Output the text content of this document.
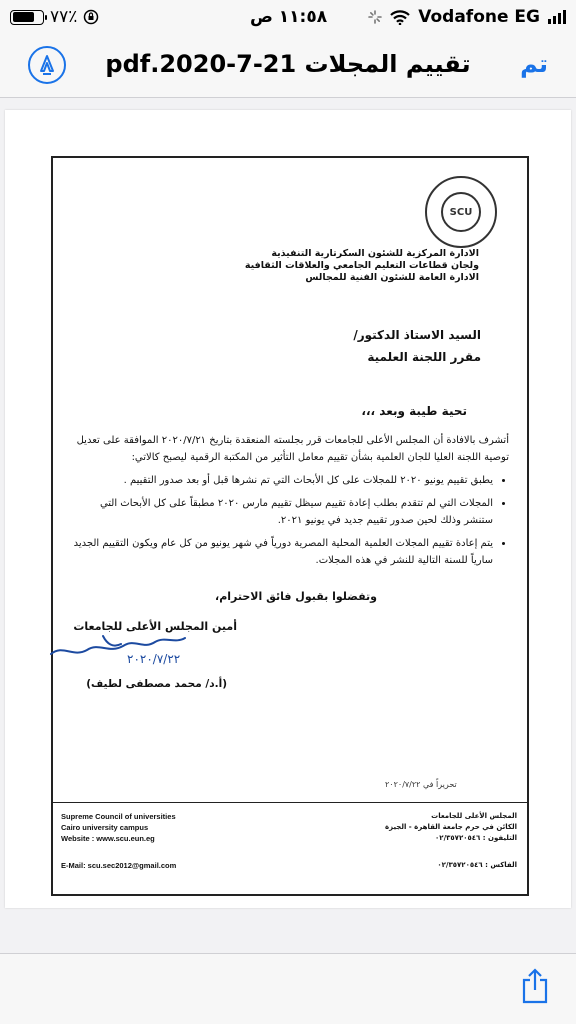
٧٧٪	١١:٥٨ ص	Vodafone EG
تقييم المجلات 21-7-2020.pdf تم
SCU
الادارة المركزية للشئون السكرتارية التنفيذية
ولجان قطاعات التعليم الجامعي والعلاقات الثقافية
الادارة العامة للشئون الفنية للمجالس
السيد الاستاذ الدكتور/
مقرر اللجنة العلمية
تحية طيبة وبعد ،،،
أتشرف بالافادة أن المجلس الأعلى للجامعات قرر بجلسته المنعقدة بتاريخ ٢٠٢٠/٧/٢١ الموافقة على تعديل توصية اللجنة العليا للجان العلمية بشأن تقييم معامل التأثير من المكتبة الرقمية ليصبح كالاتي:
• يطبق تقييم يونيو ٢٠٢٠ للمجلات على كل الأبحاث التي تم نشرها قبل أو بعد صدور التقييم .
• المجلات التي لم تتقدم بطلب إعادة تقييم سيظل تقييم مارس ٢٠٢٠ مطبقاً على كل الأبحاث التي ستنشر وذلك لحين صدور تقييم جديد في يونيو ٢٠٢١.
• يتم إعادة تقييم المجلات العلمية المحلية المصرية دورياً في شهر يونيو من كل عام ويكون التقييم الجديد سارياً للسنة التالية للنشر في هذه المجلات.
وتفضلوا بقبول فائق الاحترام،
أمين المجلس الأعلى للجامعات
٢٠٢٠/٧/٢٢
(أ.د/ محمد مصطفى لطيف)
تحريراً في ٢٠٢٠/٧/٢٢
Supreme Council of universities
Cairo university campus
Website : www.scu.eun.eg
E-Mail: scu.sec2012@gmail.com
المجلس الأعلى للجامعات
الكائن في حرم جامعة القاهرة - الجيزة
التليفون : ٠٢/٣٥٧٢٠٥٤٦
الفاكس : ٠٢/٣٥٧٢٠٥٤٦
